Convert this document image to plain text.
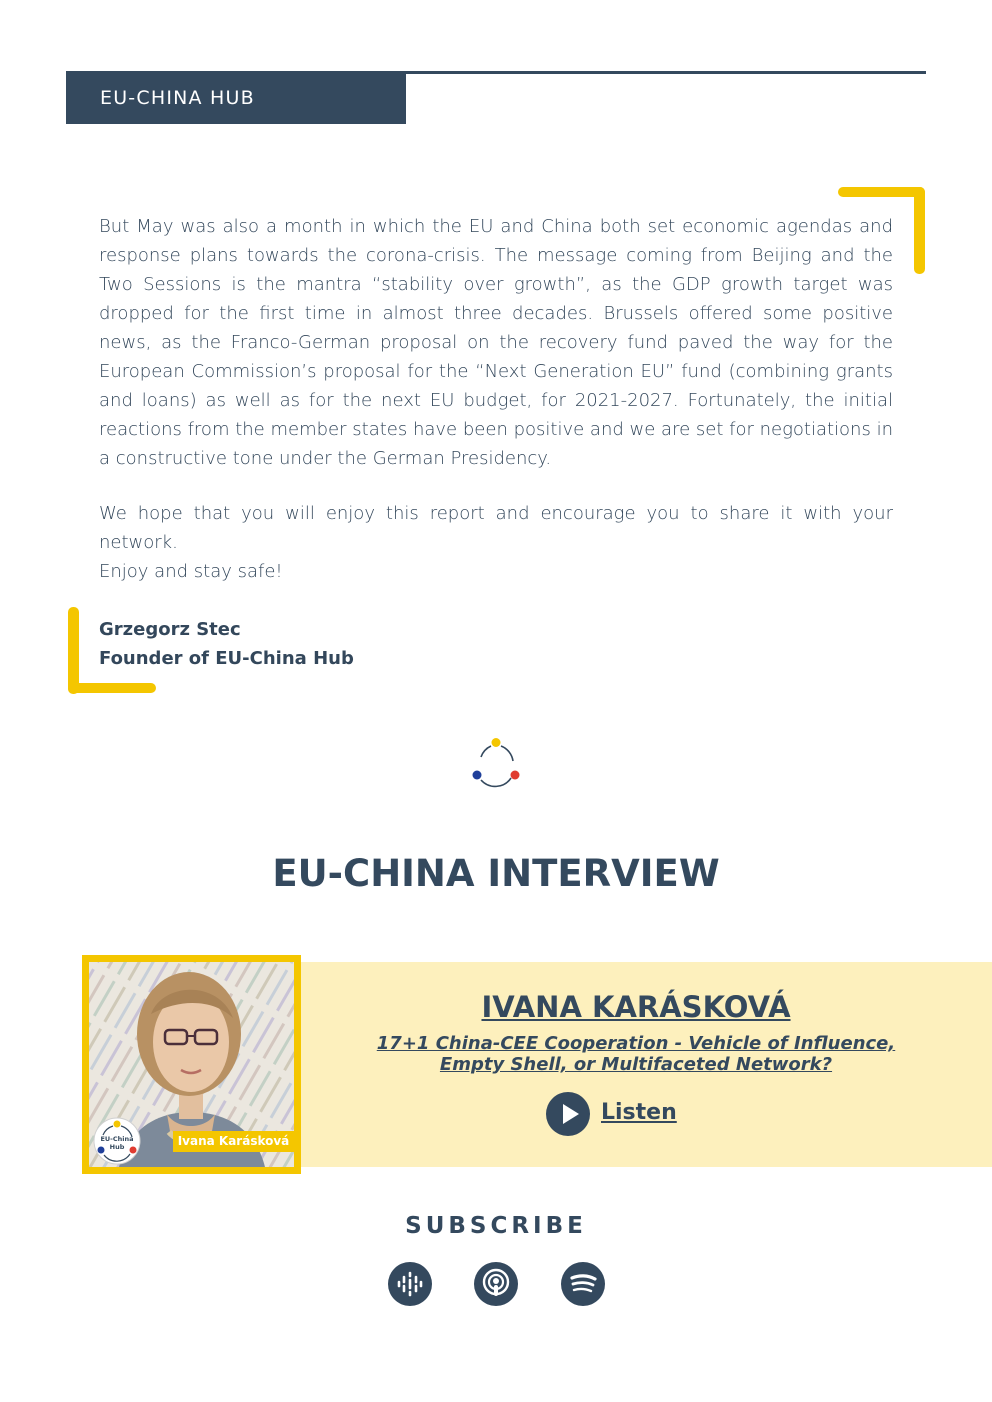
EU-CHINA HUB
But May was also a month in which the EU and China both set economic agendas and response plans towards the corona-crisis. The message coming from Beijing and the Two Sessions is the mantra “stability over growth”, as the GDP growth target was dropped for the first time in almost three decades. Brussels offered some positive news, as the Franco-German proposal on the recovery fund paved the way for the European Commission’s proposal for the “Next Generation EU” fund (combining grants and loans) as well as for the next EU budget, for 2021-2027. Fortunately, the initial reactions from the member states have been positive and we are set for negotiations in a constructive tone under the German Presidency.
We hope that you will enjoy this report and encourage you to share it with your network.
Enjoy and stay safe!
Grzegorz Stec
Founder of EU-China Hub
EU-CHINA INTERVIEW
Ivana Karásková
EU-China
Hub
IVANA KARÁSKOVÁ
17+1 China-CEE Cooperation - Vehicle of Influence, Empty Shell, or Multifaceted Network?
Listen
SUBSCRIBE
